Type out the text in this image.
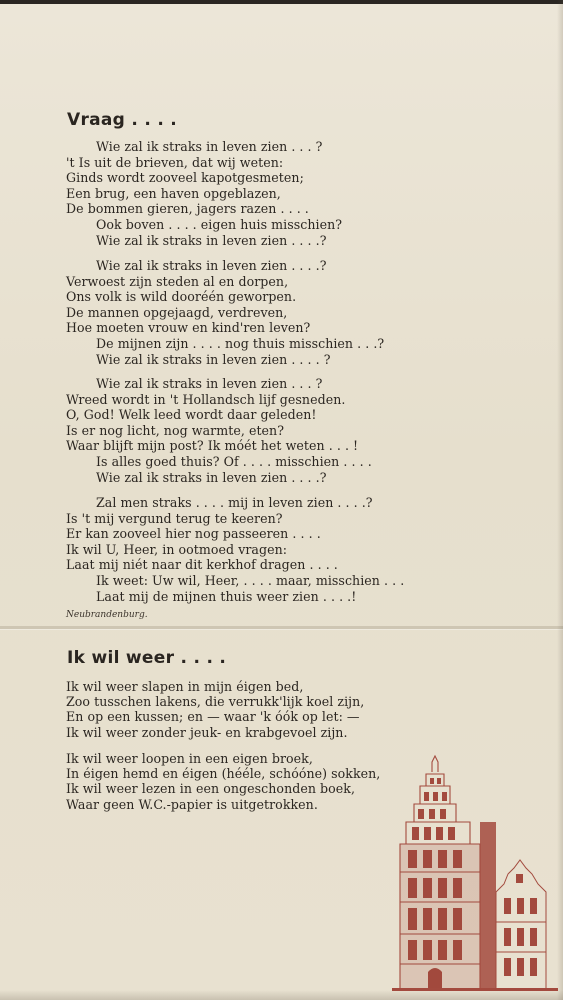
Vraag . . . .
Wie zal ik straks in leven zien . . . ?
't Is uit de brieven, dat wij weten:
Ginds wordt zooveel kapotgesmeten;
Een brug, een haven opgeblazen,
De bommen gieren, jagers razen . . . .
Ook boven . . . . eigen huis misschien?
Wie zal ik straks in leven zien . . . .?
Wie zal ik straks in leven zien . . . .?
Verwoest zijn steden al en dorpen,
Ons volk is wild dooréén geworpen.
De mannen opgejaagd, verdreven,
Hoe moeten vrouw en kind'ren leven?
De mijnen zijn . . . . nog thuis misschien . . .?
Wie zal ik straks in leven zien . . . . ?
Wie zal ik straks in leven zien . . . ?
Wreed wordt in 't Hollandsch lijf gesneden.
O, God! Welk leed wordt daar geleden!
Is er nog licht, nog warmte, eten?
Waar blijft mijn post? Ik móét het weten . . . !
Is alles goed thuis? Of . . . . misschien . . . .
Wie zal ik straks in leven zien . . . .?
Zal men straks . . . . mij in leven zien . . . .?
Is 't mij vergund terug te keeren?
Er kan zooveel hier nog passeeren . . . .
Ik wil U, Heer, in ootmoed vragen:
Laat mij niét naar dit kerkhof dragen . . . .
Ik weet: Uw wil, Heer, . . . . maar, misschien . . .
Laat mij de mijnen thuis weer zien . . . .!
Neubrandenburg.
Ik wil weer . . . .
Ik wil weer slapen in mijn éigen bed,
Zoo tusschen lakens, die verrukk'lijk koel zijn,
En op een kussen; en — waar 'k óók op let: —
Ik wil weer zonder jeuk- en krabgevoel zijn.
Ik wil weer loopen in een eigen broek,
In éigen hemd en éigen (hééle, schóóne) sokken,
Ik wil weer lezen in een ongeschonden boek,
Waar geen W.C.-papier is uitgetrokken.
